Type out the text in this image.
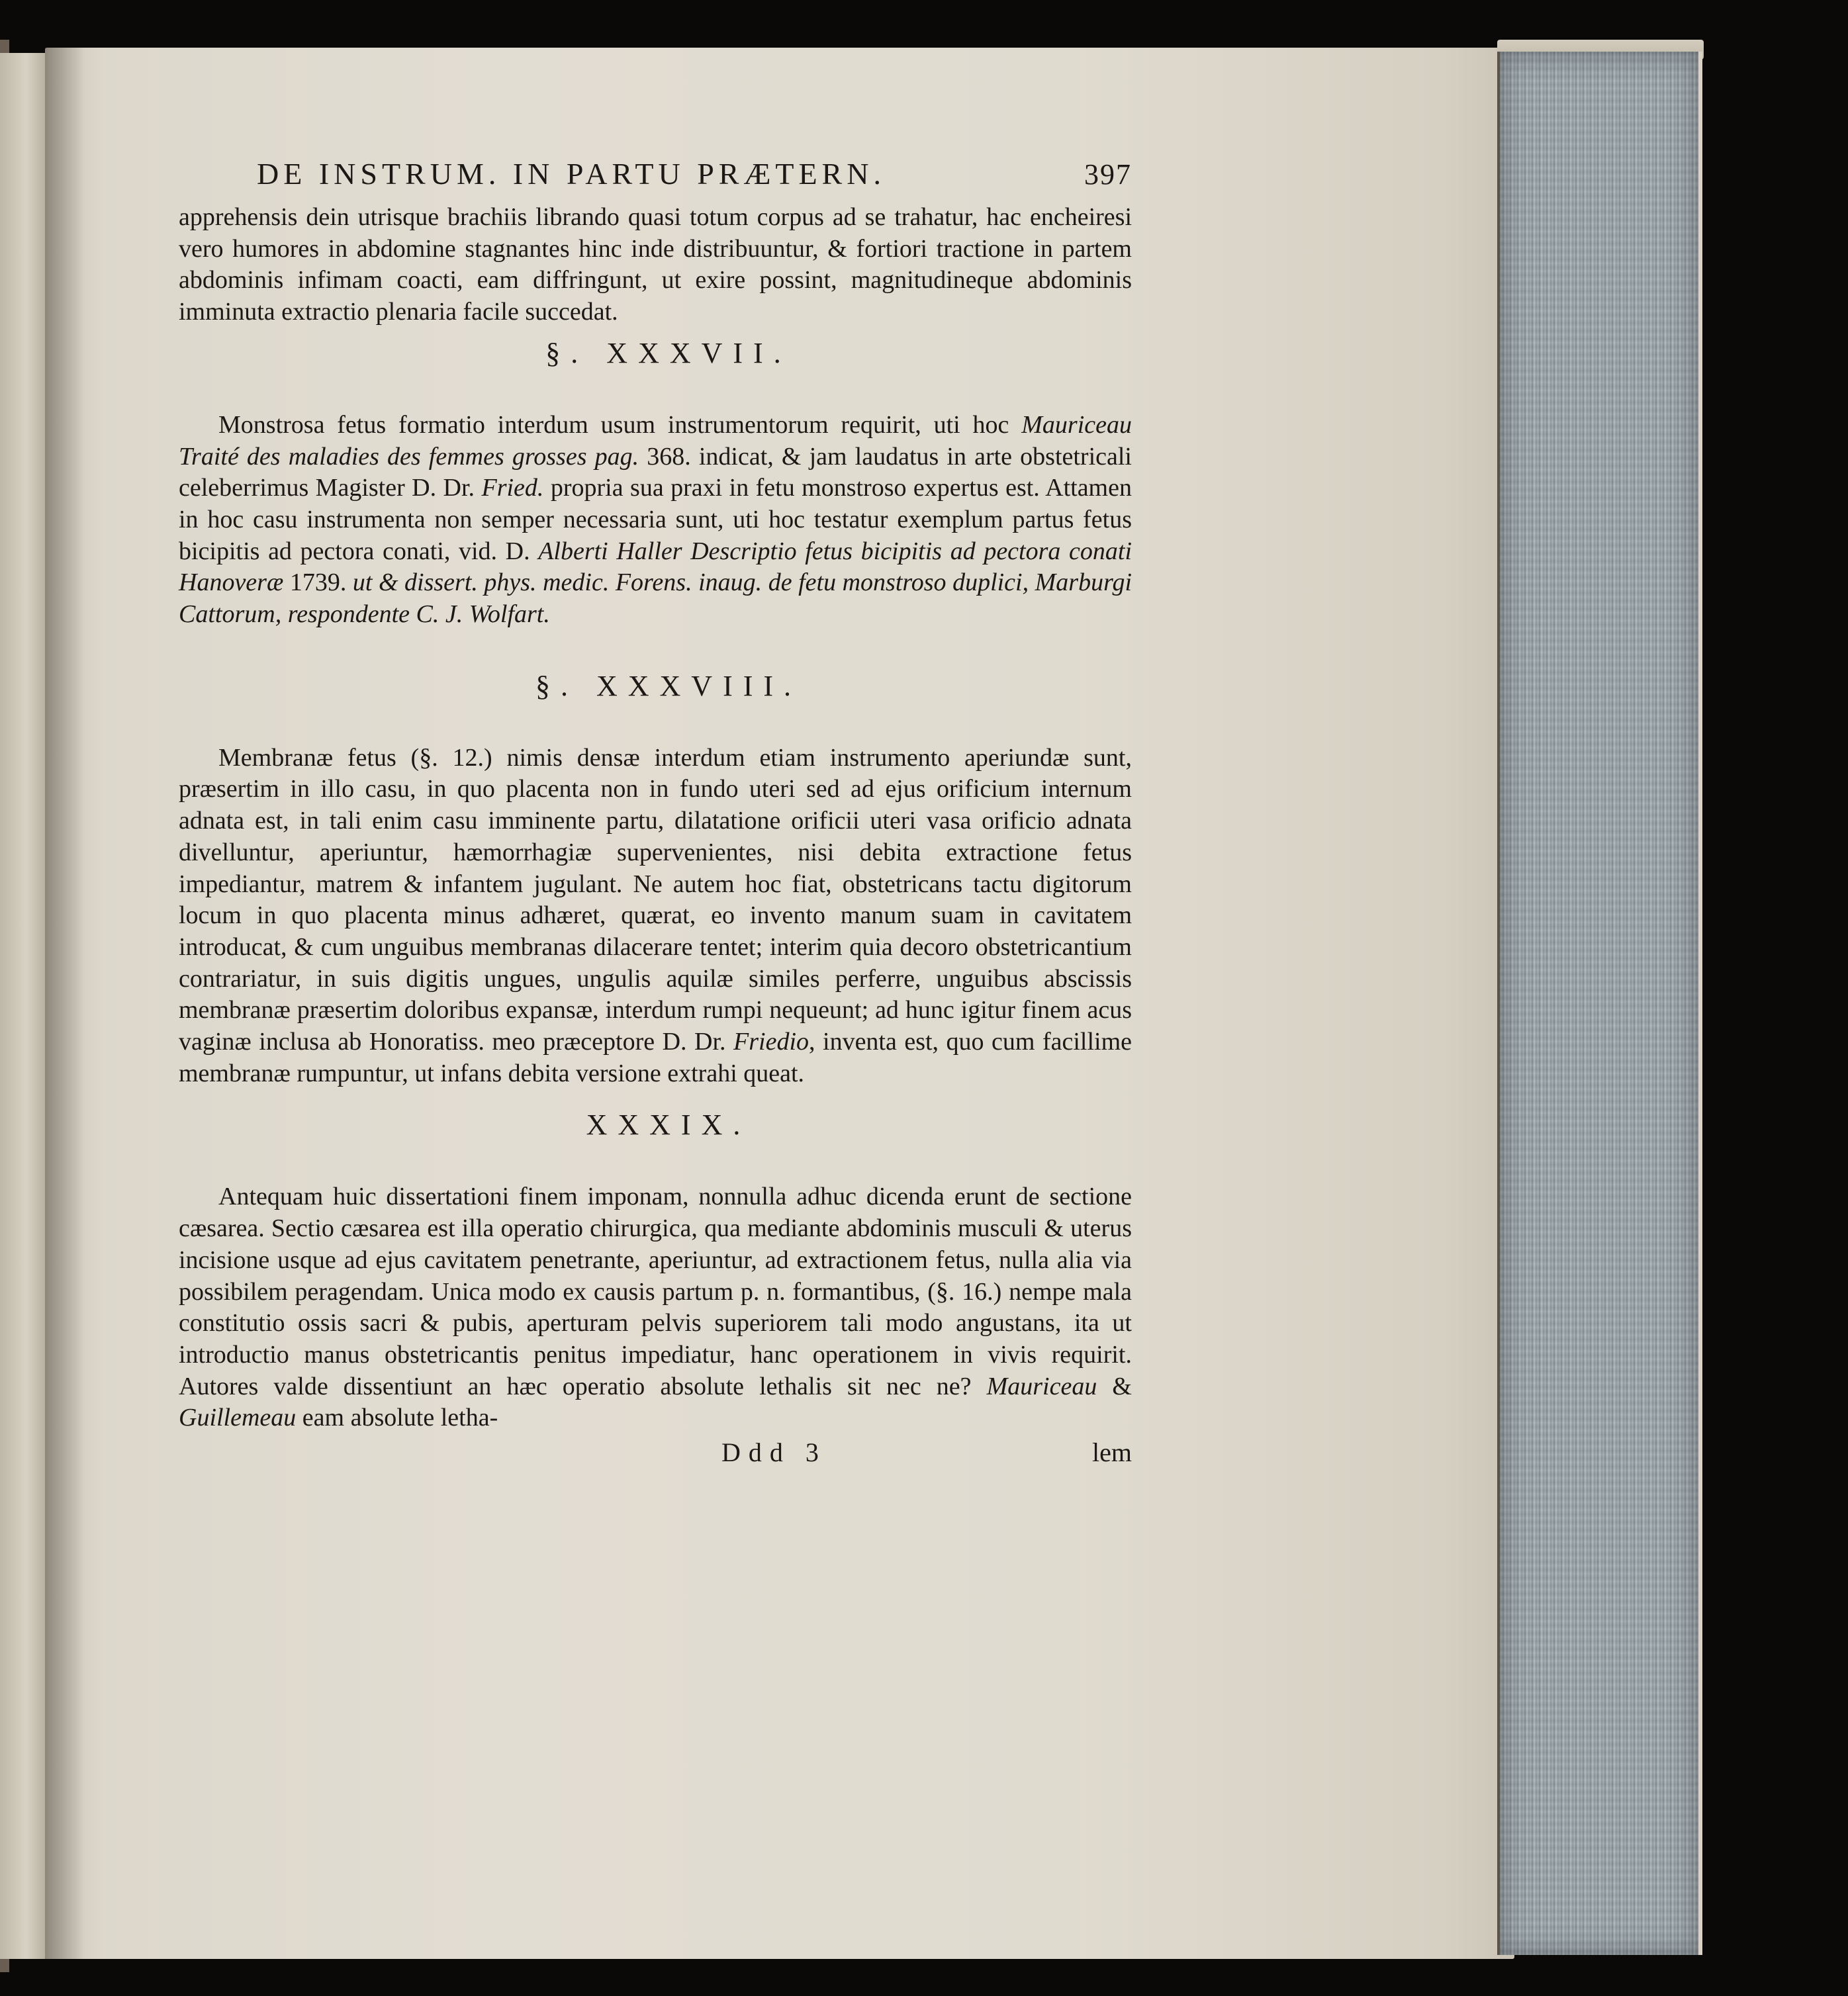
DE INSTRUM. IN PARTU PRÆTERN.	397

apprehensis dein utrisque brachiis librando quasi totum corpus ad se trahatur, hac encheiresi vero humores in abdomine stagnantes hinc inde distribuuntur, & fortiori tractione in partem abdominis infimam coacti, eam diffringunt, ut exire possint, magnitudineque abdominis imminuta extractio plenaria facile succedat.

§. XXXVII.

Monstrosa fetus formatio interdum usum instrumentorum requirit, uti hoc Mauriceau Traité des maladies des femmes grosses pag. 368. indicat, & jam laudatus in arte obstetricali celeberrimus Magister D. Dr. Fried. propria sua praxi in fetu monstroso expertus est. Attamen in hoc casu instrumenta non semper necessaria sunt, uti hoc testatur exemplum partus fetus bicipitis ad pectora conati, vid. D. Alberti Haller Descriptio fetus bicipitis ad pectora conati Hanoveræ 1739. ut & dissert. phys. medic. Forens. inaug. de fetu monstroso duplici, Marburgi Cattorum, respondente C. J. Wolfart.

§. XXXVIII.

Membranæ fetus (§. 12.) nimis densæ interdum etiam instrumento aperiundæ sunt, præsertim in illo casu, in quo placenta non in fundo uteri sed ad ejus orificium internum adnata est, in tali enim casu imminente partu, dilatatione orificii uteri vasa orificio adnata divelluntur, aperiuntur, hæmorrhagiæ supervenientes, nisi debita extractione fetus impediantur, matrem & infantem jugulant. Ne autem hoc fiat, obstetricans tactu digitorum locum in quo placenta minus adhæret, quærat, eo invento manum suam in cavitatem introducat, & cum unguibus membranas dilacerare tentet; interim quia decoro obstetricantium contrariatur, in suis digitis ungues, ungulis aquilæ similes perferre, unguibus abscissis membranæ præsertim doloribus expansæ, interdum rumpi nequeunt; ad hunc igitur finem acus vaginæ inclusa ab Honoratiss. meo præceptore D. Dr. Friedio, inventa est, quo cum facillime membranæ rumpuntur, ut infans debita versione extrahi queat.

XXXIX.

Antequam huic dissertationi finem imponam, nonnulla adhuc dicenda erunt de sectione cæsarea. Sectio cæsarea est illa operatio chirurgica, qua mediante abdominis musculi & uterus incisione usque ad ejus cavitatem penetrante, aperiuntur, ad extractionem fetus, nulla alia via possibilem peragendam. Unica modo ex causis partum p. n. formantibus, (§. 16.) nempe mala constitutio ossis sacri & pubis, aperturam pelvis superiorem tali modo angustans, ita ut introductio manus obstetricantis penitus impediatur, hanc operationem in vivis requirit. Autores valde dissentiunt an hæc operatio absolute lethalis sit nec ne? Mauriceau & Guillemeau eam absolute letha-

Ddd 3	lem
